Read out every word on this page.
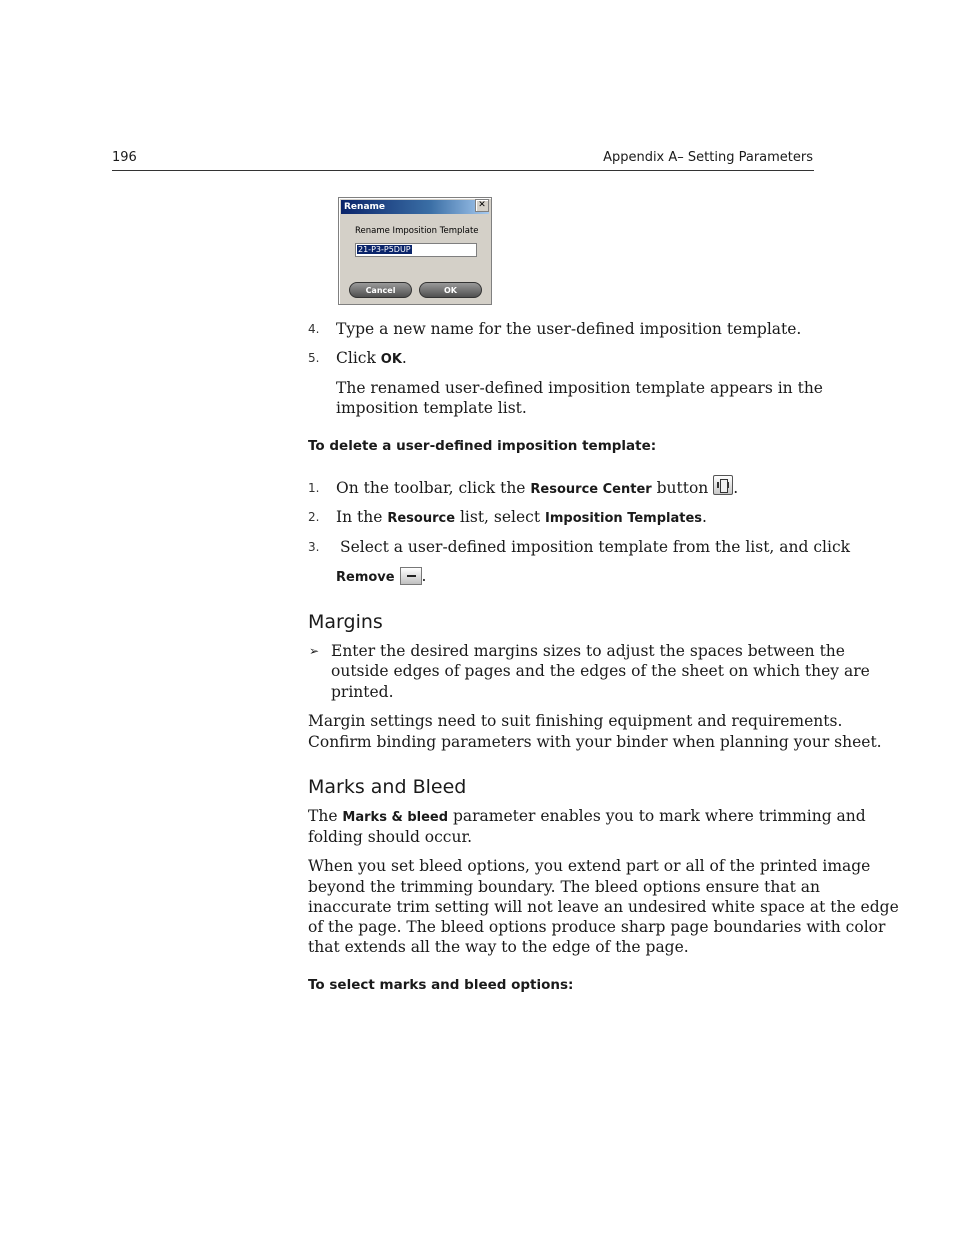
196	Appendix A– Setting Parameters
Rename	✕
Rename Imposition Template
21-P3-P5DUP
Cancel	OK
4. Type a new name for the user-defined imposition template.
5. Click OK.
The renamed user-defined imposition template appears in the
imposition template list.
To delete a user-defined imposition template:
1. On the toolbar, click the Resource Center button .
2. In the Resource list, select Imposition Templates.
3. Select a user-defined imposition template from the list, and click
Remove .
Margins
➢ Enter the desired margins sizes to adjust the spaces between the
outside edges of pages and the edges of the sheet on which they are
printed.
Margin settings need to suit finishing equipment and requirements.
Confirm binding parameters with your binder when planning your sheet.
Marks and Bleed
The Marks & bleed parameter enables you to mark where trimming and
folding should occur.
When you set bleed options, you extend part or all of the printed image
beyond the trimming boundary. The bleed options ensure that an
inaccurate trim setting will not leave an undesired white space at the edge
of the page. The bleed options produce sharp page boundaries with color
that extends all the way to the edge of the page.
To select marks and bleed options:
